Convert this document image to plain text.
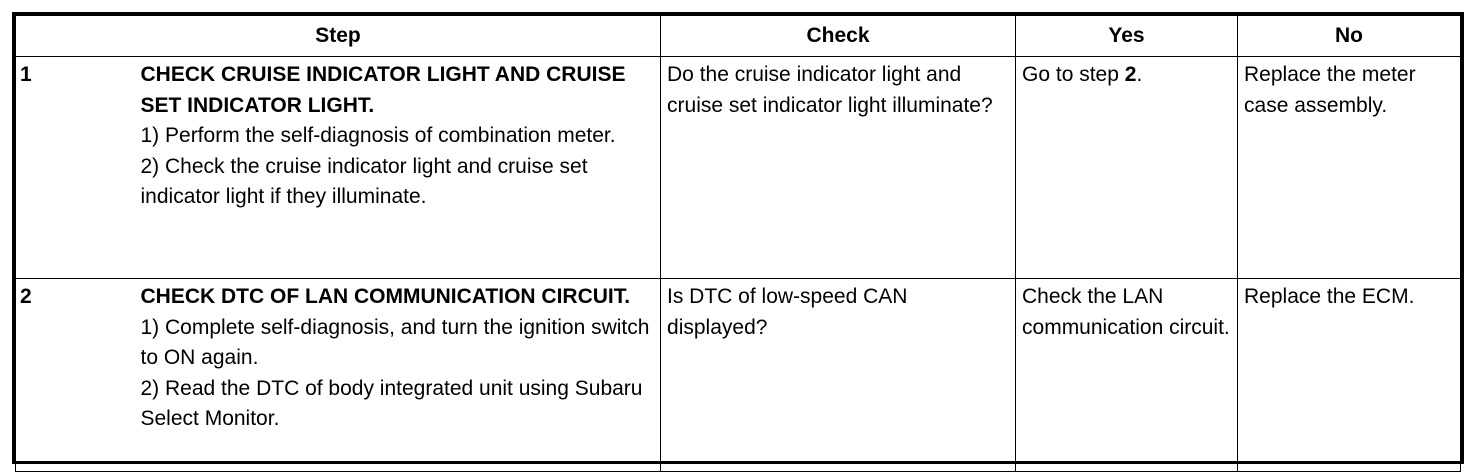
Step		Check	Yes	No
1	CHECK CRUISE INDICATOR LIGHT AND CRUISE SET INDICATOR LIGHT.
1) Perform the self-diagnosis of combination meter.
2) Check the cruise indicator light and cruise set indicator light if they illuminate.	Do the cruise indicator light and cruise set indicator light illuminate?	Go to step 2.	Replace the meter case assembly.
2	CHECK DTC OF LAN COMMUNICATION CIRCUIT.
1) Complete self-diagnosis, and turn the ignition switch to ON again.
2) Read the DTC of body integrated unit using Subaru Select Monitor.	Is DTC of low-speed CAN displayed?	Check the LAN communication circuit.	Replace the ECM.
